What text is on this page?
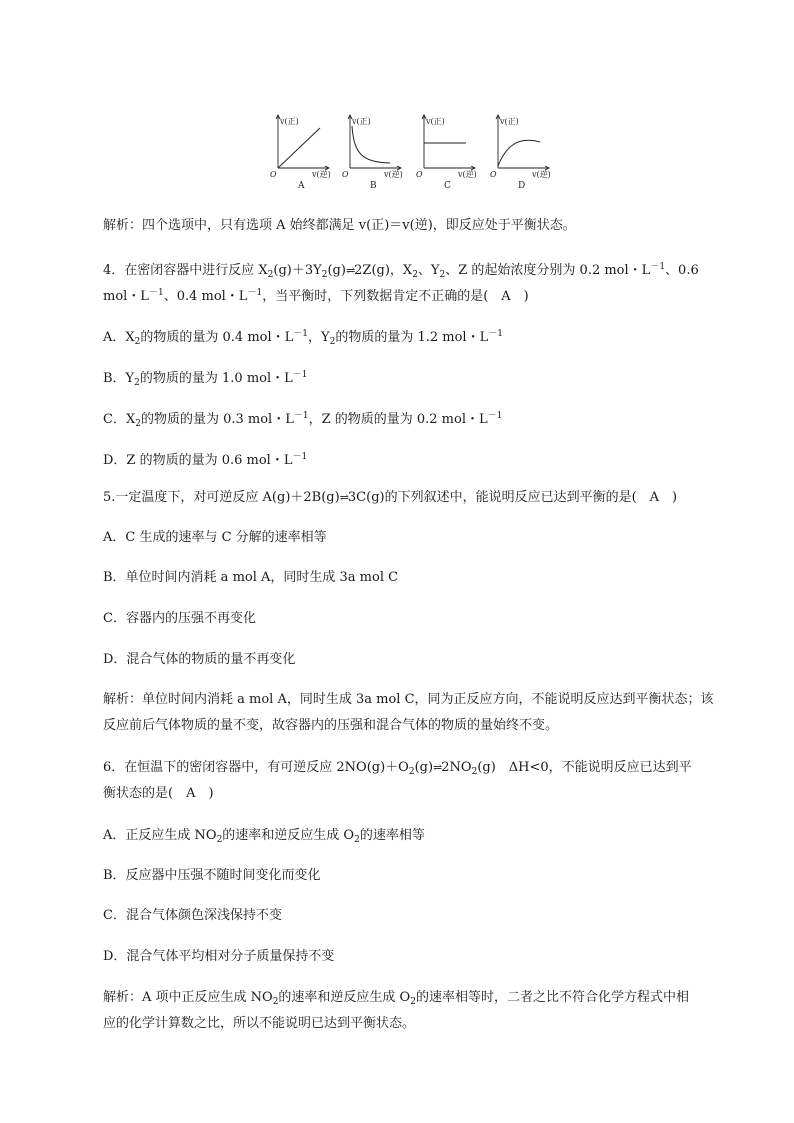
v(正)
O	v(逆)
A
v(正)
O	v(逆)
B
v(正)
O	v(逆)
C
v(正)
O	v(逆)
D
解析：四个选项中，只有选项 A 始终都满足 v(正)＝v(逆)，即反应处于平衡状态。
4．在密闭容器中进行反应 $X_2(g)+3Y_2(g)\rightleftharpoons 2Z(g)$，$X_2$、$Y_2$、Z 的起始浓度分别为 0.2 mol・$L^{-1}$、0.6
mol・$L^{-1}$、0.4 mol・$L^{-1}$，当平衡时，下列数据肯定不正确的是(　A　)
A．$X_2$的物质的量为 0.4 mol・$L^{-1}$，$Y_2$的物质的量为 1.2 mol・$L^{-1}$
B．$Y_2$的物质的量为 1.0 mol・$L^{-1}$
C．$X_2$的物质的量为 0.3 mol・$L^{-1}$，Z 的物质的量为 0.2 mol・$L^{-1}$
D．Z 的物质的量为 0.6 mol・$L^{-1}$
5.一定温度下，对可逆反应 A(g)＋2B(g)⇌3C(g)的下列叙述中，能说明反应已达到平衡的是(　A　)
A．C 生成的速率与 C 分解的速率相等
B．单位时间内消耗 a mol A，同时生成 3a mol C
C．容器内的压强不再变化
D．混合气体的物质的量不再变化
解析：单位时间内消耗 a mol A，同时生成 3a mol C，同为正反应方向，不能说明反应达到平衡状态；该
反应前后气体物质的量不变，故容器内的压强和混合气体的物质的量始终不变。
6．在恒温下的密闭容器中，有可逆反应 $2NO(g)+O_2(g)\rightleftharpoons 2NO_2(g)$　ΔH<0，不能说明反应已达到平
衡状态的是(　A　)
A．正反应生成 $NO_2$的速率和逆反应生成 $O_2$的速率相等
B．反应器中压强不随时间变化而变化
C．混合气体颜色深浅保持不变
D．混合气体平均相对分子质量保持不变
解析：A 项中正反应生成 $NO_2$的速率和逆反应生成 $O_2$的速率相等时，二者之比不符合化学方程式中相
应的化学计算数之比，所以不能说明已达到平衡状态。
